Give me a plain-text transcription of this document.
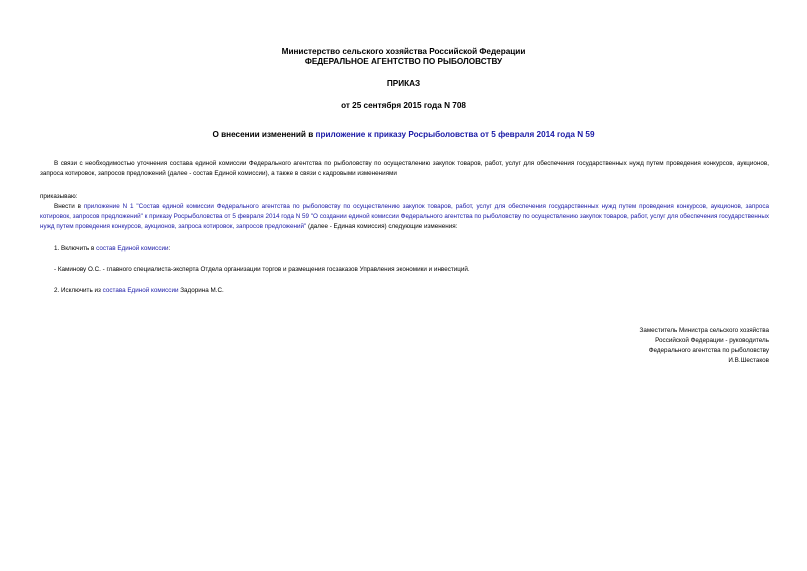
Министерство сельского хозяйства Российской Федерации
ФЕДЕРАЛЬНОЕ АГЕНТСТВО ПО РЫБОЛОВСТВУ
ПРИКАЗ
от 25 сентября 2015 года N 708
О внесении изменений в приложение к приказу Росрыболовства от 5 февраля 2014 года N 59
В связи с необходимостью уточнения состава единой комиссии Федерального агентства по рыболовству по осуществлению закупок товаров, работ, услуг для обеспечения государственных нужд путем проведения конкурсов, аукционов, запроса котировок, запросов предложений (далее - состав Единой комиссии), а также в связи с кадровыми изменениями
приказываю:
Внести в приложение N 1 "Состав единой комиссии Федерального агентства по рыболовству по осуществлению закупок товаров, работ, услуг для обеспечения государственных нужд путем проведения конкурсов, аукционов, запроса котировок, запросов предложений" к приказу Росрыболовства от 5 февраля 2014 года N 59 "О создании единой комиссии Федерального агентства по рыболовству по осуществлению закупок товаров, работ, услуг для обеспечения государственных нужд путем проведения конкурсов, аукционов, запроса котировок, запросов предложений" (далее - Единая комиссия) следующие изменения:
1. Включить в состав Единой комиссии:
- Каминову О.С. - главного специалиста-эксперта Отдела организации торгов и размещения госзаказов Управления экономики и инвестиций.
2. Исключить из состава Единой комиссии Задорина М.С.
Заместитель Министра сельского хозяйства
Российской Федерации - руководитель
Федерального агентства по рыболовству
И.В.Шестаков
